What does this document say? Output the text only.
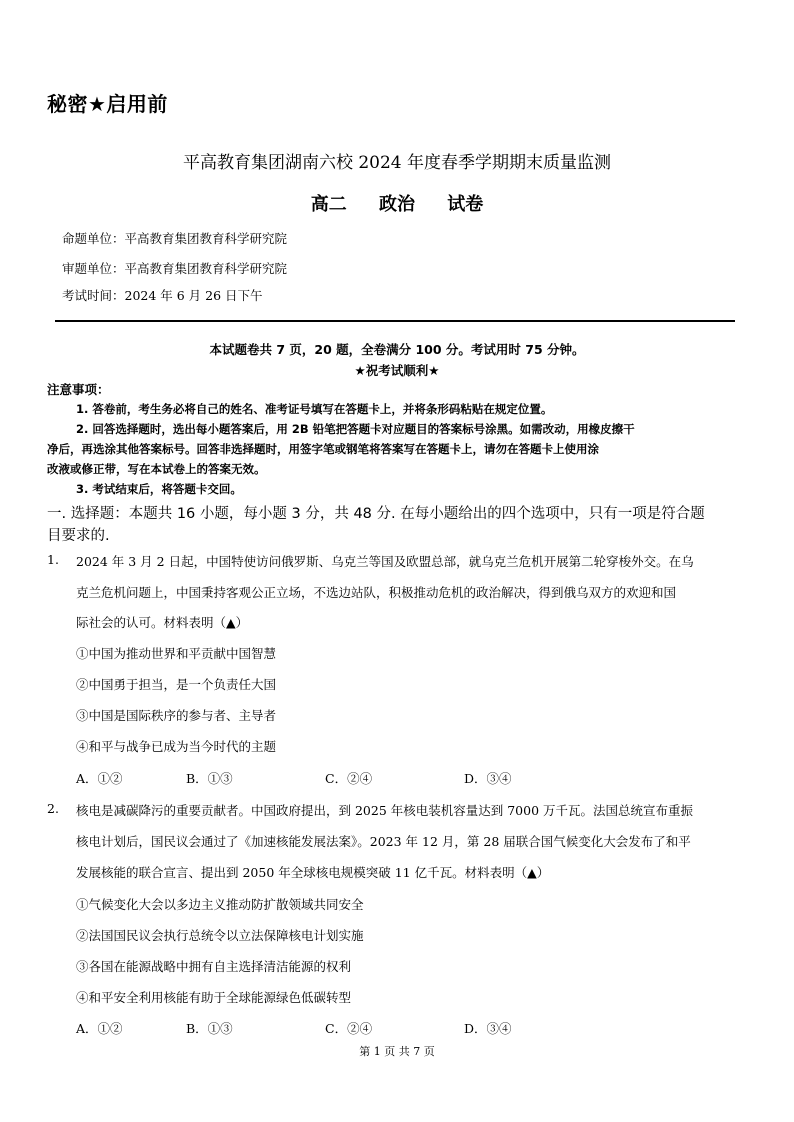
秘密★启用前
平高教育集团湖南六校 2024 年度春季学期期末质量监测
高二 政治 试卷
命题单位：平高教育集团教育科学研究院
审题单位：平高教育集团教育科学研究院
考试时间：2024 年 6 月 26 日下午
本试题卷共 7 页，20 题，全卷满分 100 分。考试用时 75 分钟。
★祝考试顺利★
注意事项：
1. 答卷前，考生务必将自己的姓名、准考证号填写在答题卡上，并将条形码粘贴在规定位置。
2. 回答选择题时，选出每小题答案后，用 2B 铅笔把答题卡对应题目的答案标号涂黑。如需改动，用橡皮擦干
净后，再选涂其他答案标号。回答非选择题时，用签字笔或钢笔将答案写在答题卡上，请勿在答题卡上使用涂
改液或修正带，写在本试卷上的答案无效。
3. 考试结束后，将答题卡交回。
一. 选择题：本题共 16 小题，每小题 3 分，共 48 分. 在每小题给出的四个选项中，只有一项是符合题
目要求的.
1. 2024 年 3 月 2 日起，中国特使访问俄罗斯、乌克兰等国及欧盟总部，就乌克兰危机开展第二轮穿梭外交。在乌
克兰危机问题上，中国秉持客观公正立场，不选边站队，积极推动危机的政治解决，得到俄乌双方的欢迎和国
际社会的认可。材料表明（▲）
①中国为推动世界和平贡献中国智慧
②中国勇于担当，是一个负责任大国
③中国是国际秩序的参与者、主导者
④和平与战争已成为当今时代的主题
A．①②	B．①③	C．②④	D．③④
2. 核电是减碳降污的重要贡献者。中国政府提出，到 2025 年核电装机容量达到 7000 万千瓦。法国总统宣布重振
核电计划后，国民议会通过了《加速核能发展法案》。2023 年 12 月，第 28 届联合国气候变化大会发布了和平
发展核能的联合宣言、提出到 2050 年全球核电规模突破 11 亿千瓦。材料表明（▲）
①气候变化大会以多边主义推动防扩散领域共同安全
②法国国民议会执行总统令以立法保障核电计划实施
③各国在能源战略中拥有自主选择清洁能源的权利
④和平安全利用核能有助于全球能源绿色低碳转型
A．①②	B．①③	C．②④	D．③④
第 1 页 共 7 页
